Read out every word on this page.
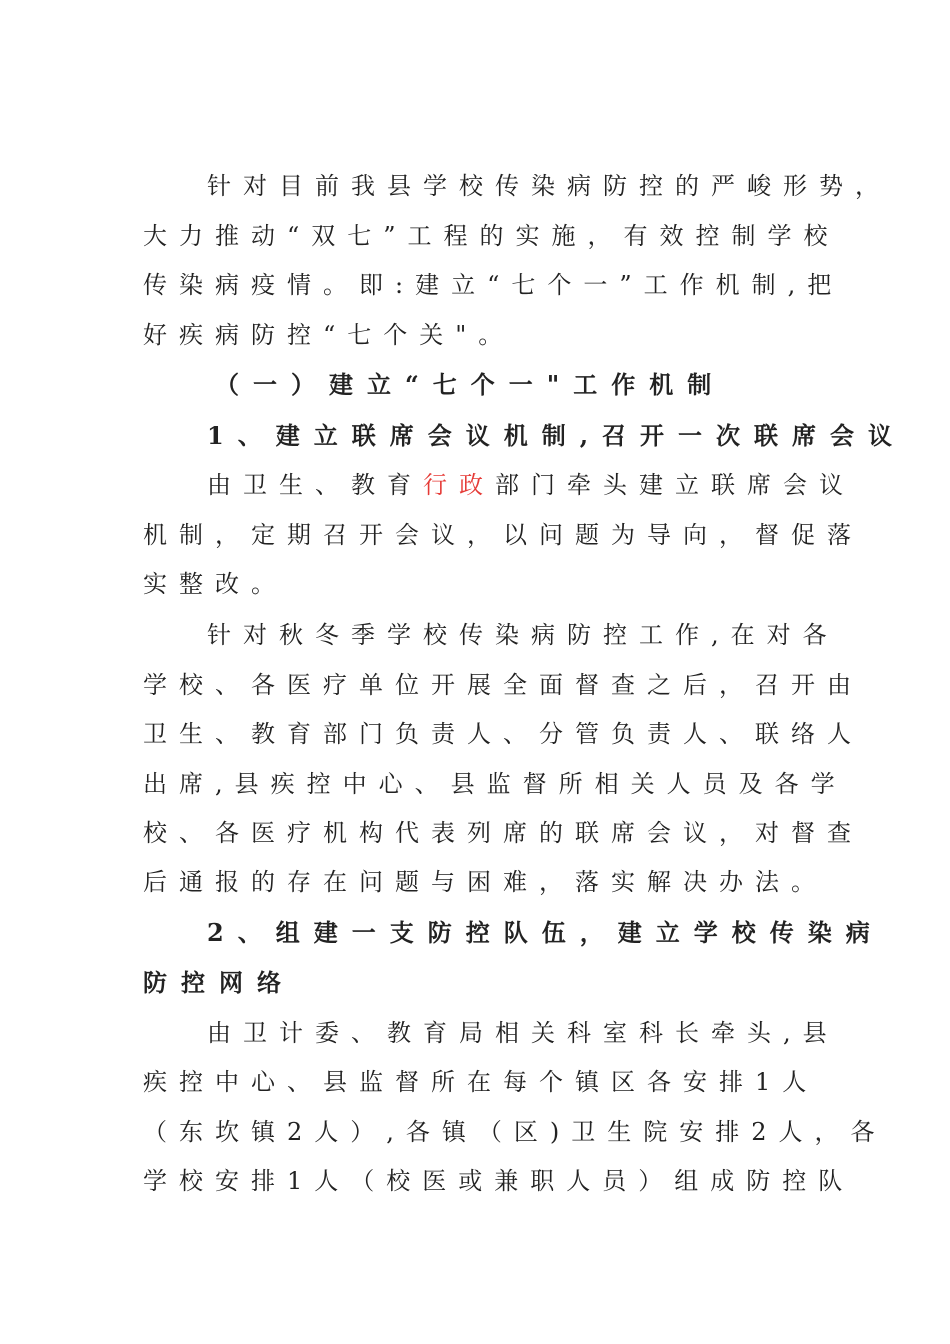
针对目前我县学校传染病防控的严峻形势，
大力推动“双七”工程的实施，有效控制学校
传染病疫情。即:建立“七个一”工作机制,把
好疾病防控“七个关"。
（一）建立“七个一"工作机制
1、建立联席会议机制,召开一次联席会议
由卫生、教育行政部门牵头建立联席会议
机制，定期召开会议，以问题为导向，督促落
实整改。
针对秋冬季学校传染病防控工作,在对各
学校、各医疗单位开展全面督查之后，召开由
卫生、教育部门负责人、分管负责人、联络人
出席,县疾控中心、县监督所相关人员及各学
校、各医疗机构代表列席的联席会议，对督查
后通报的存在问题与困难，落实解决办法。
2、组建一支防控队伍，建立学校传染病
防控网络
由卫计委、教育局相关科室科长牵头,县
疾控中心、县监督所在每个镇区各安排1人
（东坎镇2人）,各镇（区)卫生院安排2人，各
学校安排1人（校医或兼职人员）组成防控队
